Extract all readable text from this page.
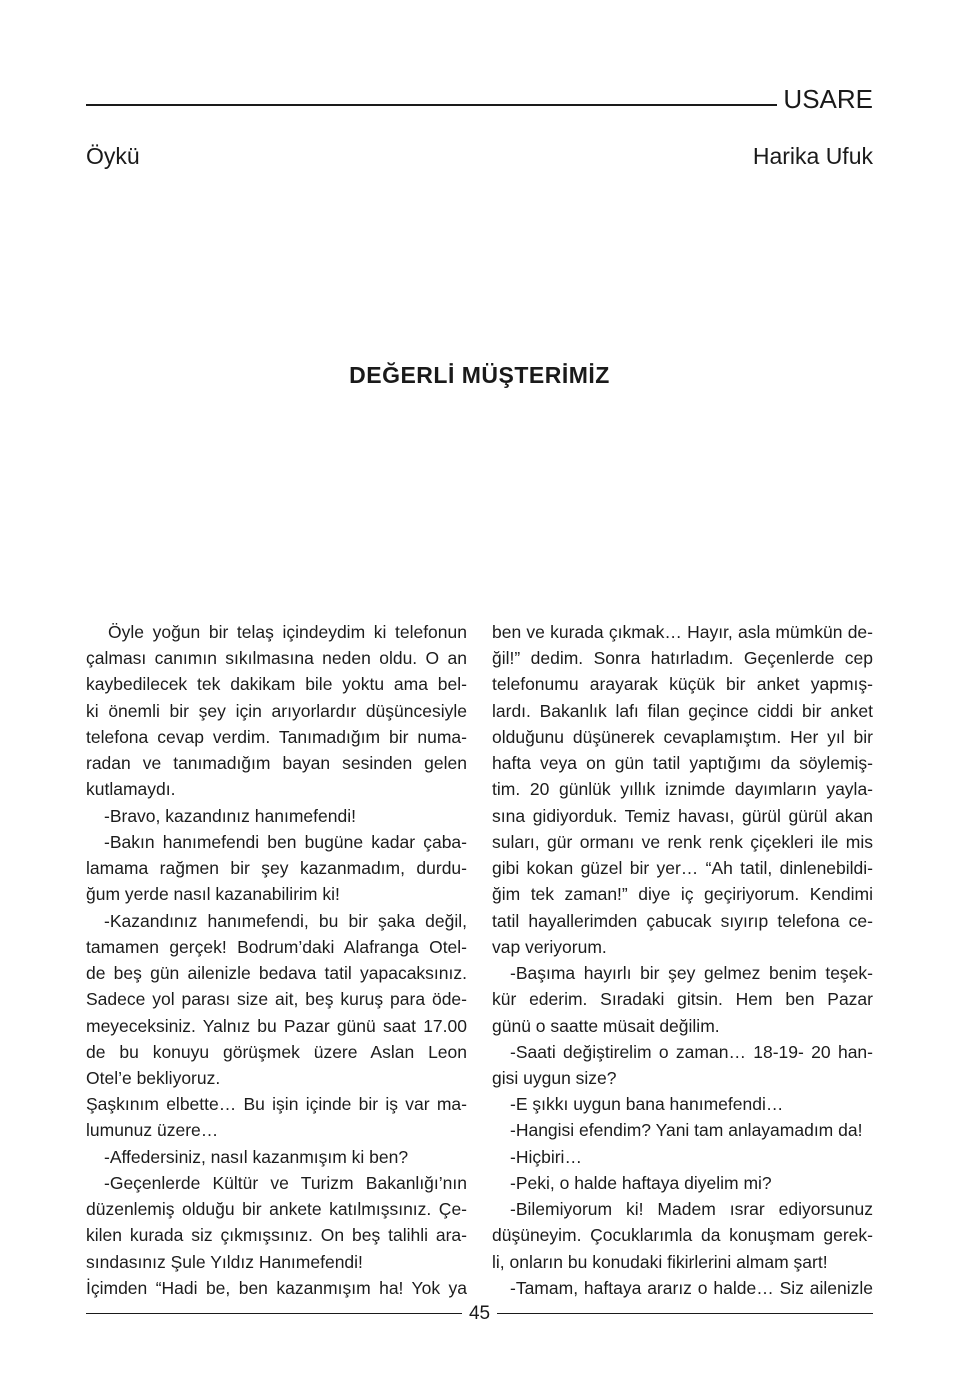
USARE
Öykü	Harika Ufuk
DEĞERLİ MÜŞTERİMİZ
Öyle yoğun bir telaş içindeydim ki telefonun
çalması canımın sıkılmasına neden oldu. O an
kaybedilecek tek dakikam bile yoktu ama bel-
ki önemli bir şey için arıyorlardır düşüncesiyle
telefona cevap verdim. Tanımadığım bir numa-
radan ve tanımadığım bayan sesinden gelen
kutlamaydı.
-Bravo, kazandınız hanımefendi!
-Bakın hanımefendi ben bugüne kadar çaba-
lamama rağmen bir şey kazanmadım, durdu-
ğum yerde nasıl kazanabilirim ki!
-Kazandınız hanımefendi, bu bir şaka değil,
tamamen gerçek! Bodrum’daki Alafranga Otel-
de beş gün ailenizle bedava tatil yapacaksınız.
Sadece yol parası size ait, beş kuruş para öde-
meyeceksiniz. Yalnız bu Pazar günü saat 17.00
de bu konuyu görüşmek üzere Aslan Leon
Otel’e bekliyoruz.
Şaşkınım elbette… Bu işin içinde bir iş var ma-
lumunuz üzere…
-Affedersiniz, nasıl kazanmışım ki ben?
-Geçenlerde Kültür ve Turizm Bakanlığı’nın
düzenlemiş olduğu bir ankete katılmışsınız. Çe-
kilen kurada siz çıkmışsınız. On beş talihli ara-
sındasınız Şule Yıldız Hanımefendi!
İçimden “Hadi be, ben kazanmışım ha! Yok ya
ben ve kurada çıkmak… Hayır, asla mümkün de-
ğil!” dedim. Sonra hatırladım. Geçenlerde cep
telefonumu arayarak küçük bir anket yapmış-
lardı. Bakanlık lafı filan geçince ciddi bir anket
olduğunu düşünerek cevaplamıştım. Her yıl bir
hafta veya on gün tatil yaptığımı da söylemiş-
tim. 20 günlük yıllık iznimde dayımların yayla-
sına gidiyorduk. Temiz havası, gürül gürül akan
suları, gür ormanı ve renk renk çiçekleri ile mis
gibi kokan güzel bir yer… “Ah tatil, dinlenebildi-
ğim tek zaman!” diye iç geçiriyorum. Kendimi
tatil hayallerimden çabucak sıyırıp telefona ce-
vap veriyorum.
-Başıma hayırlı bir şey gelmez benim teşek-
kür ederim. Sıradaki gitsin. Hem ben Pazar
günü o saatte müsait değilim.
-Saati değiştirelim o zaman… 18-19- 20 han-
gisi uygun size?
-E şıkkı uygun bana hanımefendi…
-Hangisi efendim? Yani tam anlayamadım da!
-Hiçbiri…
-Peki, o halde haftaya diyelim mi?
-Bilemiyorum ki! Madem ısrar ediyorsunuz
düşüneyim. Çocuklarımla da konuşmam gerek-
li, onların bu konudaki fikirlerini almam şart!
-Tamam, haftaya ararız o halde… Siz ailenizle
45
